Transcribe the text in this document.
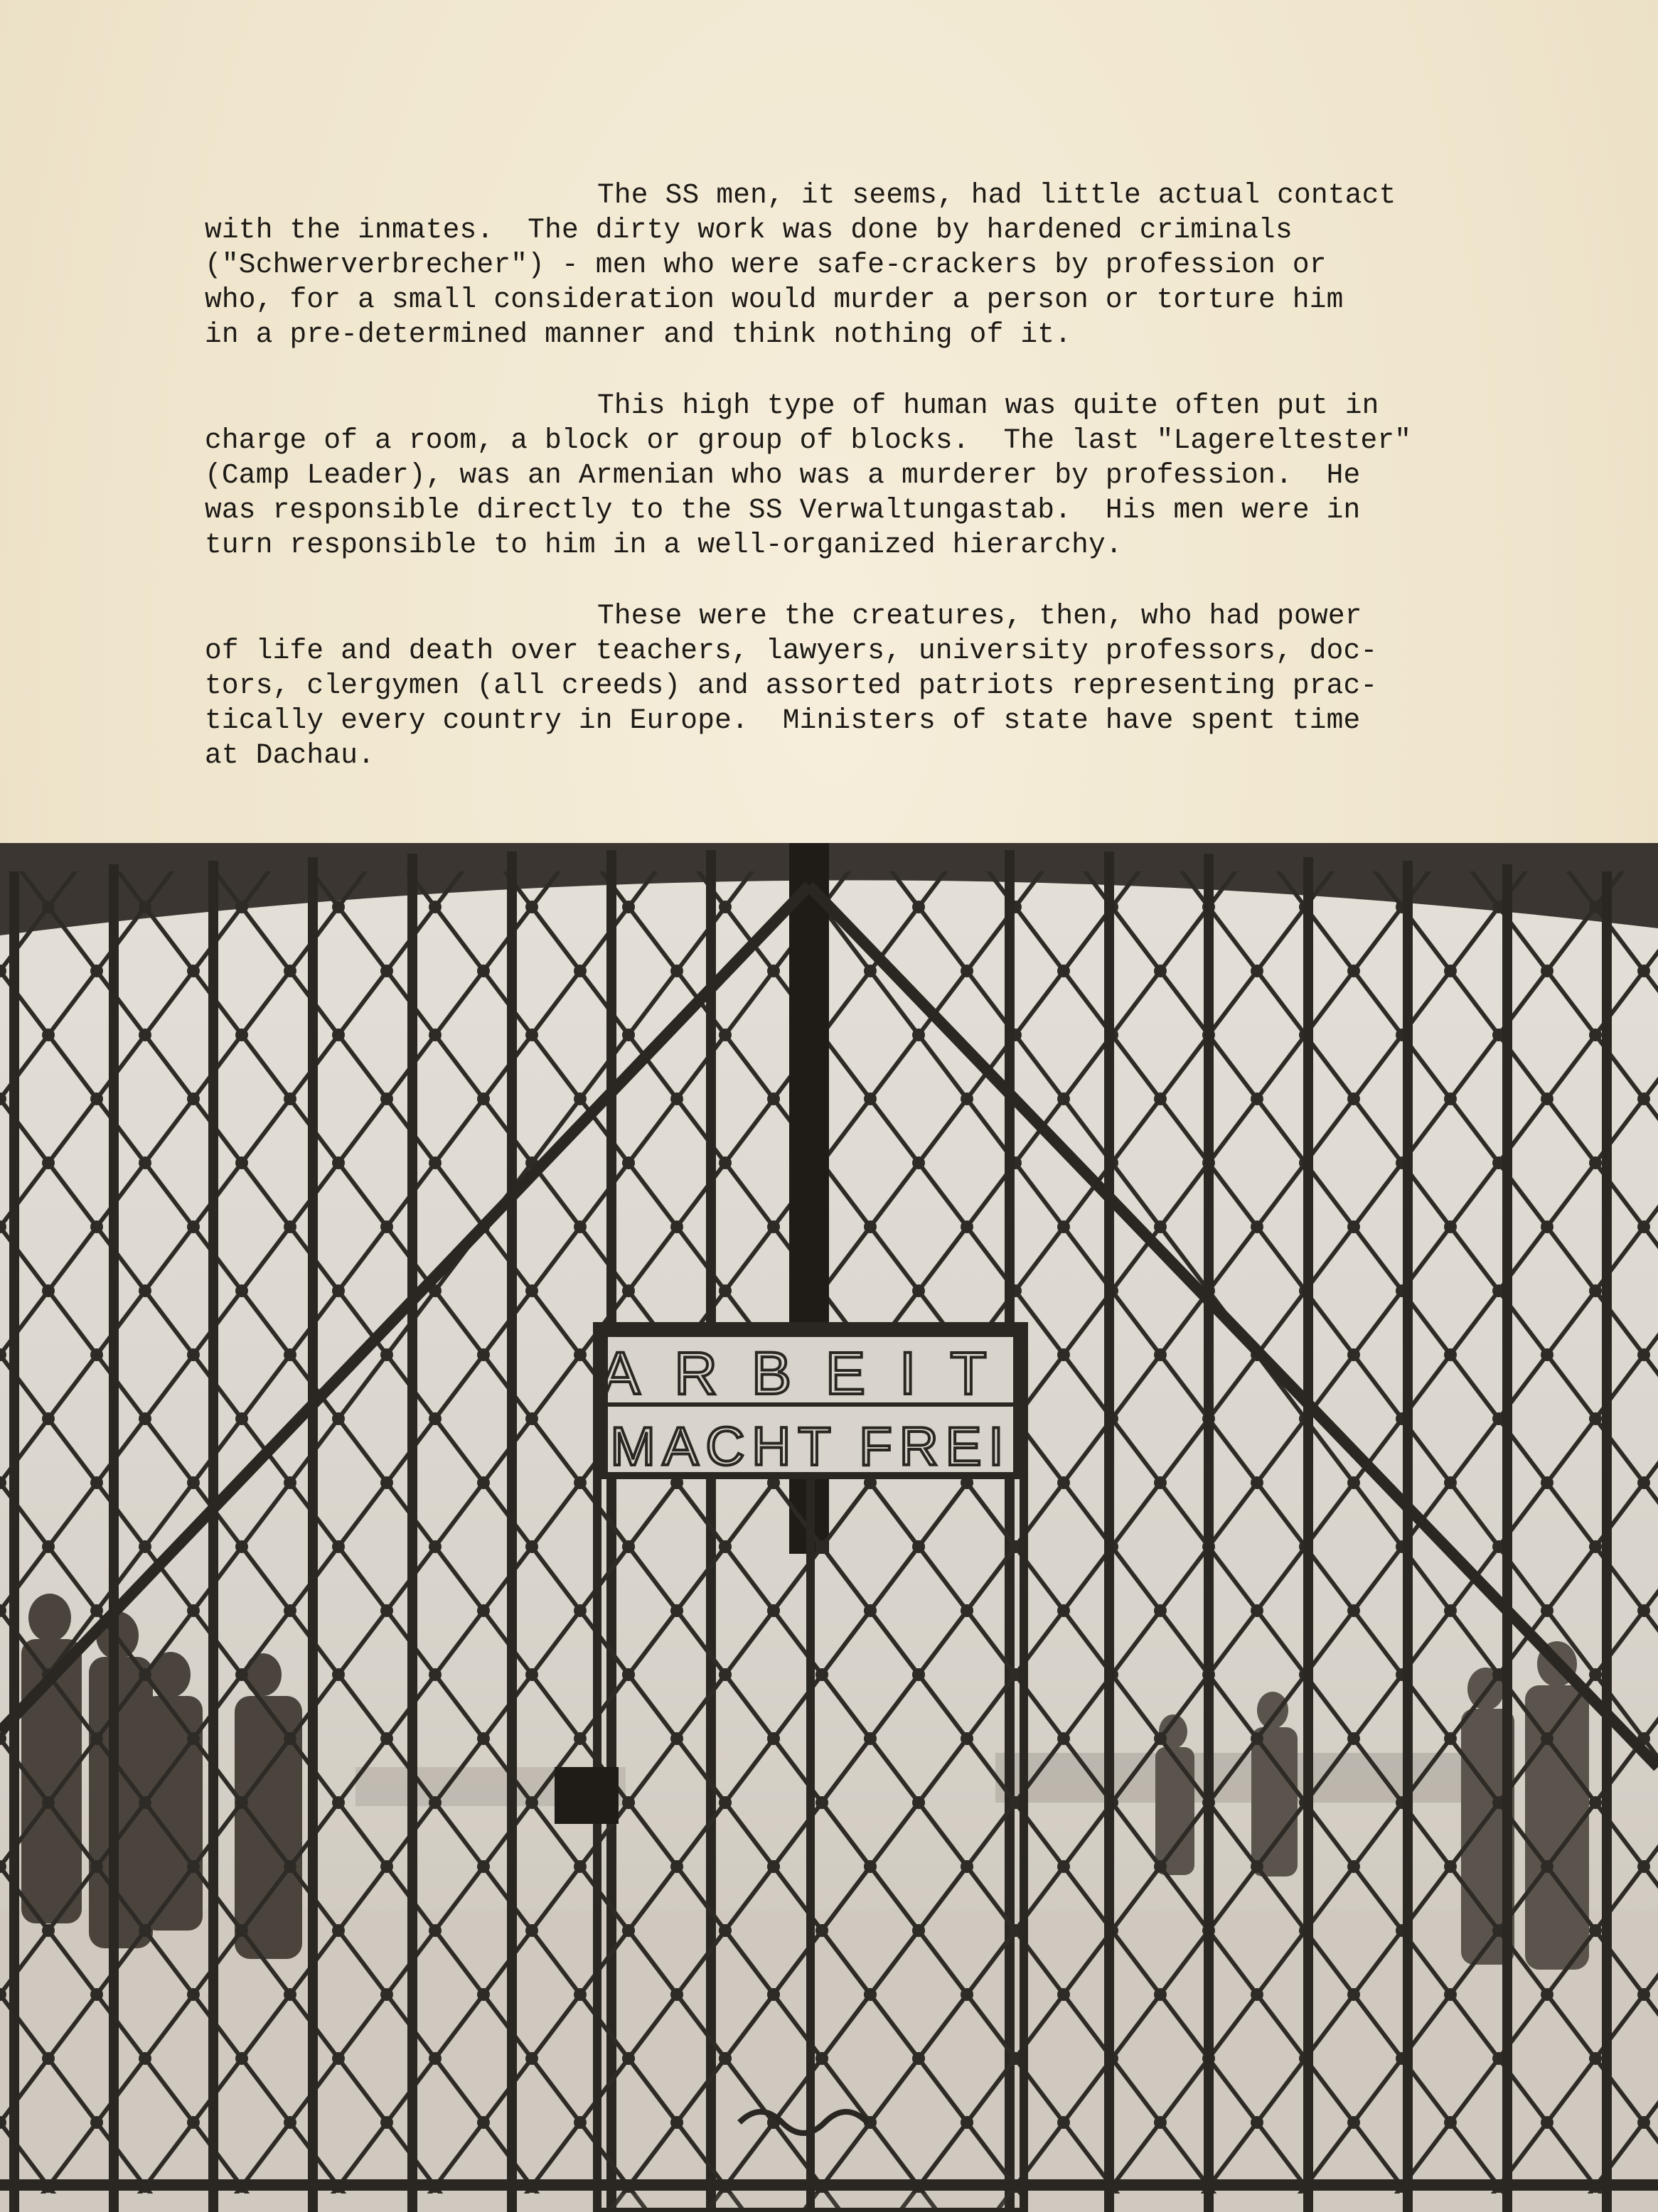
The SS men, it seems, had little actual contact
with the inmates.  The dirty work was done by hardened criminals
("Schwerverbrecher") - men who were safe-crackers by profession or
who, for a small consideration would murder a person or torture him
in a pre-determined manner and think nothing of it.

This high type of human was quite often put in
charge of a room, a block or group of blocks.  The last "Lagereltester"
(Camp Leader), was an Armenian who was a murderer by profession.  He
was responsible directly to the SS Verwaltungastab.  His men were in
turn responsible to him in a well-organized hierarchy.

These were the creatures, then, who had power
of life and death over teachers, lawyers, university professors, doc-
tors, clergymen (all creeds) and assorted patriots representing prac-
tically every country in Europe.  Ministers of state have spent time
at Dachau.

ARBEIT
MACHT FREI
